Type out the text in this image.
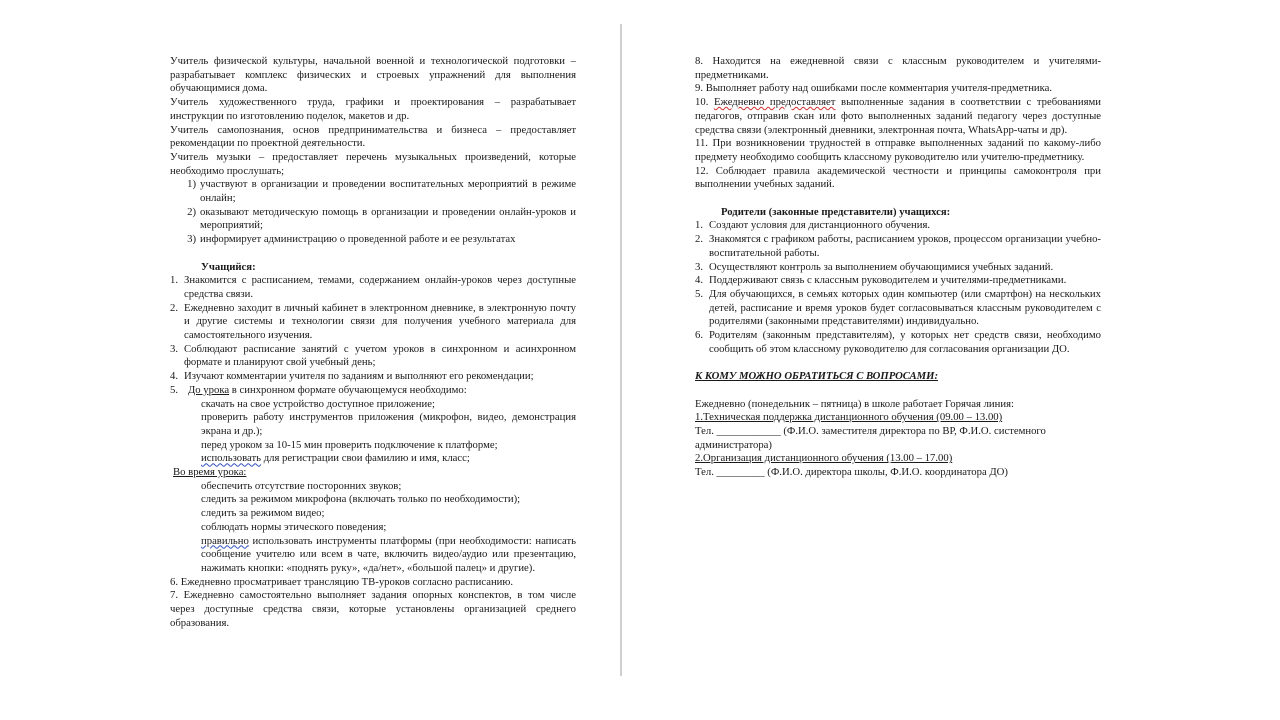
Учитель физической культуры, начальной военной и технологической подготовки – разрабатывает комплекс физических и строевых упражнений для выполнения обучающимися дома.

Учитель художественного труда, графики и проектирования – разрабатывает инструкции по изготовлению поделок, макетов и др.

Учитель самопознания, основ предпринимательства и бизнеса – предоставляет рекомендации по проектной деятельности.

Учитель музыки – предоставляет перечень музыкальных произведений, которые необходимо прослушать;

1) участвуют в организации и проведении воспитательных мероприятий в режиме онлайн;
2) оказывают методическую помощь в организации и проведении онлайн-уроков и мероприятий;
3) информирует администрацию о проведенной работе и ее результатах
Учащийся:
1. Знакомится с расписанием, темами, содержанием онлайн-уроков через доступные средства связи.
2. Ежедневно заходит в личный кабинет в электронном дневнике, в электронную почту и другие системы и технологии связи для получения учебного материала для самостоятельного изучения.
3. Соблюдают расписание занятий с учетом уроков в синхронном и асинхронном формате и планируют свой учебный день;
4. Изучают комментарии учителя по заданиям и выполняют его рекомендации;
5. До урока в синхронном формате обучающемуся необходимо:
скачать на свое устройство доступное приложение;
проверить работу инструментов приложения (микрофон, видео, демонстрация экрана и др.);
перед уроком за 10-15 мин проверить подключение к платформе;
использовать для регистрации свои фамилию и имя, класс;
Во время урока:
обеспечить отсутствие посторонних звуков;
следить за режимом микрофона (включать только по необходимости);
следить за режимом видео;
соблюдать нормы этического поведения;
правильно использовать инструменты платформы (при необходимости: написать сообщение учителю или всем в чате, включить видео/аудио или презентацию, нажимать кнопки: «поднять руку», «да/нет», «большой палец» и другие).

6. Ежедневно просматривает трансляцию ТВ-уроков согласно расписанию.

7. Ежедневно самостоятельно выполняет задания опорных конспектов, в том числе через доступные средства связи, которые установлены организацией среднего образования.

8. Находится на ежедневной связи с классным руководителем и учителями-предметниками.

9. Выполняет работу над ошибками после комментария учителя-предметника.

10. Ежедневно предоставляет выполненные задания в соответствии с требованиями педагогов, отправив скан или фото выполненных заданий педагогу через доступные средства связи (электронный дневники, электронная почта, WhatsApp-чаты и др).

11. При возникновении трудностей в отправке выполненных заданий по какому-либо предмету необходимо сообщить классному руководителю или учителю-предметнику.

12. Соблюдает правила академической честности и принципы самоконтроля при выполнении учебных заданий.

Родители (законные представители) учащихся:
1. Создают условия для дистанционного обучения.
2. Знакомятся с графиком работы, расписанием уроков, процессом организации учебно-воспитательной работы.
3. Осуществляют контроль за выполнением обучающимися учебных заданий.
4. Поддерживают связь с классным руководителем и учителями-предметниками.
5. Для обучающихся, в семьях которых один компьютер (или смартфон) на нескольких детей, расписание и время уроков будет согласовываться классным руководителем с родителями (законными представителями) индивидуально.
6. Родителям (законным представителям), у которых нет средств связи, необходимо сообщить об этом классному руководителю для согласования организации ДО.
К КОМУ МОЖНО ОБРАТИТЬСЯ С ВОПРОСАМИ:
Ежедневно (понедельник – пятница) в школе работает Горячая линия:
1.Техническая поддержка дистанционного обучения (09.00 – 13.00)
Тел. ____________ (Ф.И.О. заместителя директора по ВР, Ф.И.О. системного администратора)
2.Организация дистанционного обучения (13.00 – 17.00)
Тел. _________ (Ф.И.О. директора школы, Ф.И.О. координатора ДО)
